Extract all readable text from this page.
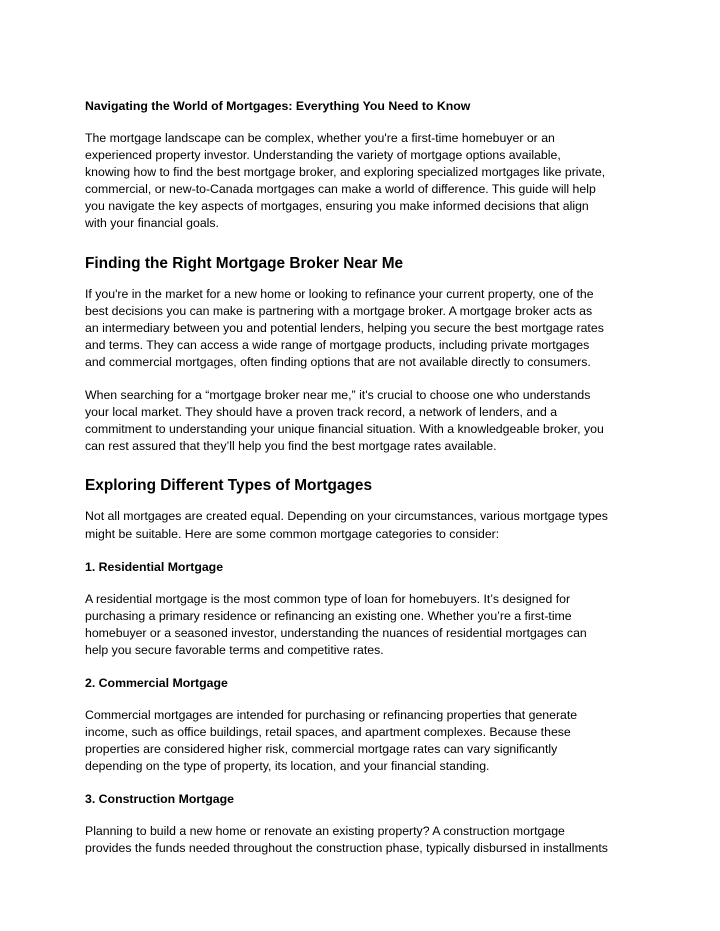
Navigating the World of Mortgages: Everything You Need to Know

The mortgage landscape can be complex, whether you're a first-time homebuyer or an
experienced property investor. Understanding the variety of mortgage options available,
knowing how to find the best mortgage broker, and exploring specialized mortgages like private,
commercial, or new-to-Canada mortgages can make a world of difference. This guide will help
you navigate the key aspects of mortgages, ensuring you make informed decisions that align
with your financial goals.

Finding the Right Mortgage Broker Near Me

If you're in the market for a new home or looking to refinance your current property, one of the
best decisions you can make is partnering with a mortgage broker. A mortgage broker acts as
an intermediary between you and potential lenders, helping you secure the best mortgage rates
and terms. They can access a wide range of mortgage products, including private mortgages
and commercial mortgages, often finding options that are not available directly to consumers.

When searching for a “mortgage broker near me,” it's crucial to choose one who understands
your local market. They should have a proven track record, a network of lenders, and a
commitment to understanding your unique financial situation. With a knowledgeable broker, you
can rest assured that they’ll help you find the best mortgage rates available.

Exploring Different Types of Mortgages

Not all mortgages are created equal. Depending on your circumstances, various mortgage types
might be suitable. Here are some common mortgage categories to consider:

1. Residential Mortgage

A residential mortgage is the most common type of loan for homebuyers. It’s designed for
purchasing a primary residence or refinancing an existing one. Whether you’re a first-time
homebuyer or a seasoned investor, understanding the nuances of residential mortgages can
help you secure favorable terms and competitive rates.

2. Commercial Mortgage

Commercial mortgages are intended for purchasing or refinancing properties that generate
income, such as office buildings, retail spaces, and apartment complexes. Because these
properties are considered higher risk, commercial mortgage rates can vary significantly
depending on the type of property, its location, and your financial standing.

3. Construction Mortgage

Planning to build a new home or renovate an existing property? A construction mortgage
provides the funds needed throughout the construction phase, typically disbursed in installments
